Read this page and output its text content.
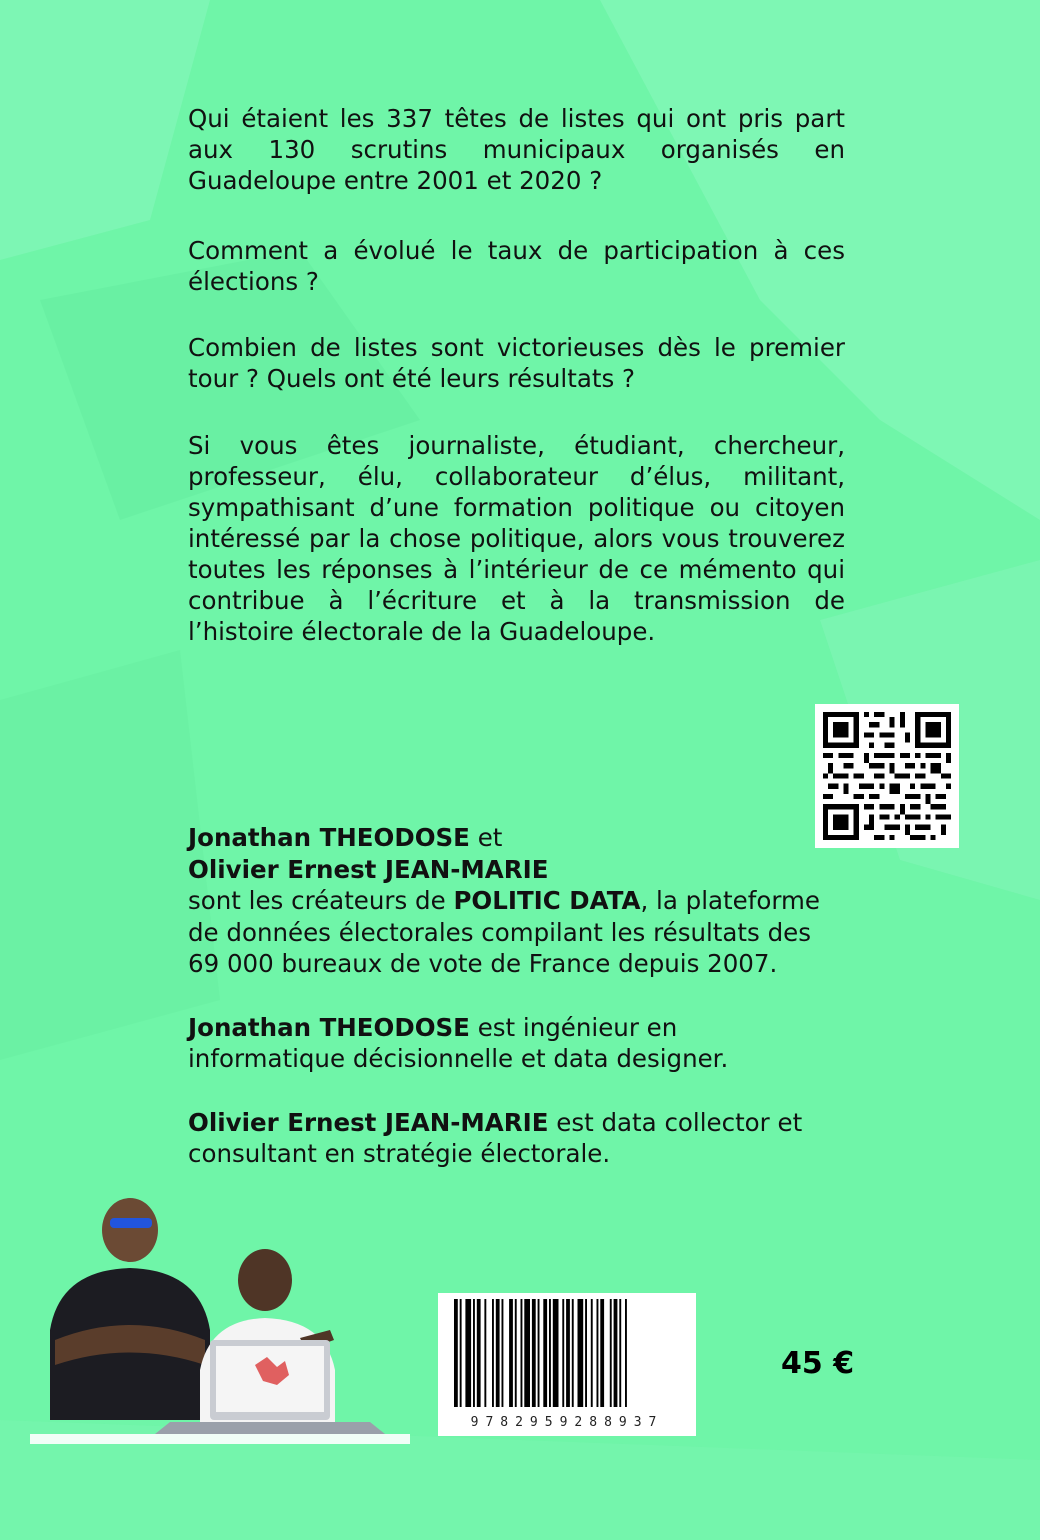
Qui étaient les 337 têtes de listes qui ont pris part aux 130 scrutins municipaux organisés en Guadeloupe entre 2001 et 2020 ?

Comment a évolué le taux de participation à ces élections ?

Combien de listes sont victorieuses dès le premier tour ? Quels ont été leurs résultats ?

Si vous êtes journaliste, étudiant, chercheur, professeur, élu, collaborateur d’élus, militant, sympathisant d’une formation politique ou citoyen intéressé par la chose politique, alors vous trouverez toutes les réponses à l’intérieur de ce mémento qui contribue à l’écriture et à la transmission de l’histoire électorale de la Guadeloupe.

Jonathan THEODOSE et
Olivier Ernest JEAN-MARIE
sont les créateurs de POLITIC DATA, la plateforme de données électorales compilant les résultats des 69 000 bureaux de vote de France depuis 2007.
Jonathan THEODOSE est ingénieur en informatique décisionnelle et data designer.
Olivier Ernest JEAN-MARIE est data collector et consultant en stratégie électorale.
9782959288937
45 €
